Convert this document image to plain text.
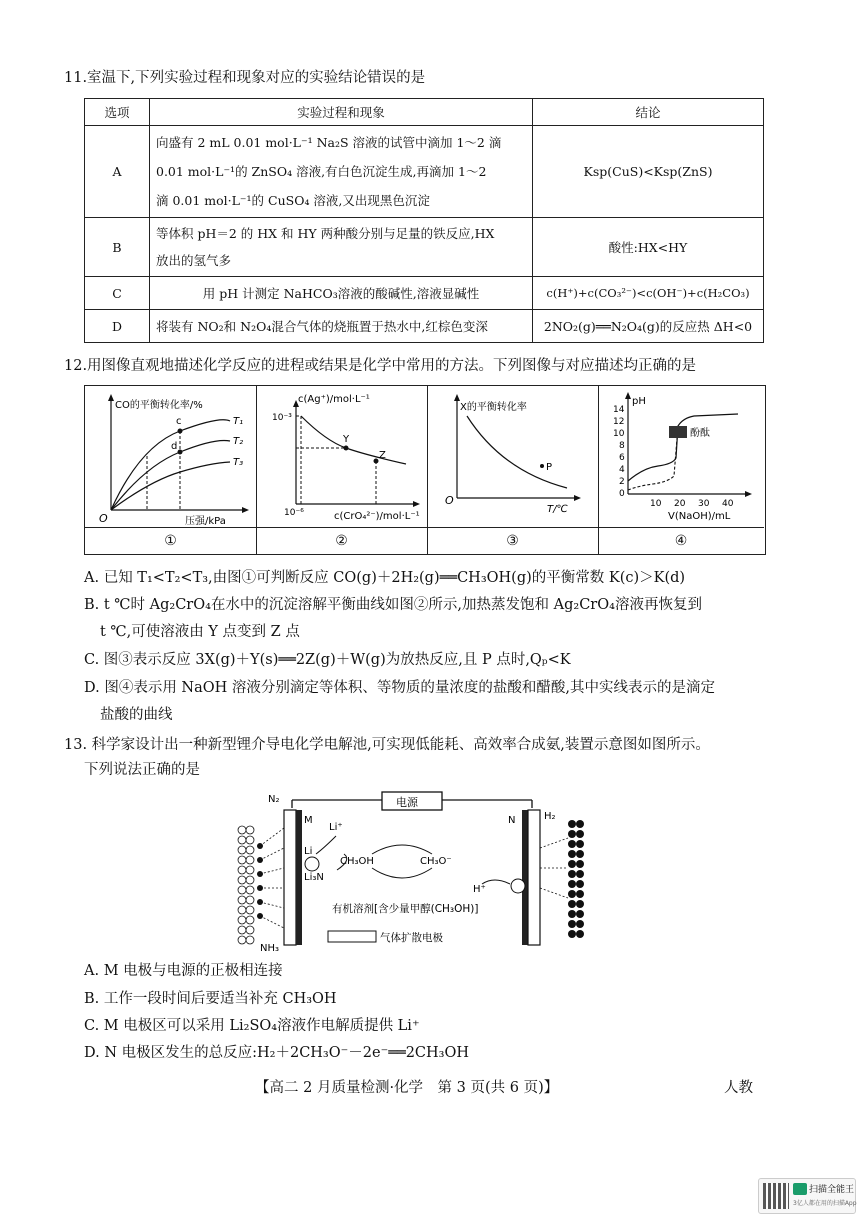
11.室温下,下列实验过程和现象对应的实验结论错误的是
选项	实验过程和现象	结论
A	向盛有 2 mL 0.01 mol·L⁻¹ Na₂S 溶液的试管中滴加 1～2 滴
0.01 mol·L⁻¹的 ZnSO₄ 溶液,有白色沉淀生成,再滴加 1～2
滴 0.01 mol·L⁻¹的 CuSO₄ 溶液,又出现黑色沉淀	Ksp(CuS)<Ksp(ZnS)
B	等体积 pH＝2 的 HX 和 HY 两种酸分别与足量的铁反应,HX
放出的氢气多	酸性:HX<HY
C	用 pH 计测定 NaHCO₃溶液的酸碱性,溶液显碱性	c(H⁺)+c(CO₃²⁻)<c(OH⁻)+c(H₂CO₃)
D	将装有 NO₂和 N₂O₄混合气体的烧瓶置于热水中,红棕色变深	2NO₂(g)══N₂O₄(g)的反应热 ΔH<0
12.用图像直观地描述化学反应的进程或结果是化学中常用的方法。下列图像与对应描述均正确的是
CO的平衡转化率/%
压强/kPa
O
c
d
T₁
T₂
T₃
c(Ag⁺)/mol·L⁻¹
10⁻³
10⁻⁶	c(CrO₄²⁻)/mol·L⁻¹
Y
Z
X的平衡转化率
T/℃
O
P
pH
14
12
10
8
6
4
2
0
10 20 30 40
V(NaOH)/mL
酚酞
①	②	③	④
A. 已知 T₁<T₂<T₃,由图①可判断反应 CO(g)＋2H₂(g)══CH₃OH(g)的平衡常数 K(c)＞K(d)
B. t ℃时 Ag₂CrO₄在水中的沉淀溶解平衡曲线如图②所示,加热蒸发饱和 Ag₂CrO₄溶液再恢复到
t ℃,可使溶液由 Y 点变到 Z 点
C. 图③表示反应 3X(g)＋Y(s)══2Z(g)＋W(g)为放热反应,且 P 点时,Qₚ<K
D. 图④表示用 NaOH 溶液分别滴定等体积、等物质的量浓度的盐酸和醋酸,其中实线表示的是滴定
盐酸的曲线
13. 科学家设计出一种新型锂介导电化学电解池,可实现低能耗、高效率合成氨,装置示意图如图所示。
下列说法正确的是
电源
M	N
N₂
H₂
NH₃
Li⁺
Li
Li₃N
CH₃OH	CH₃O⁻
H⁺
有机溶剂[含少量甲醇(CH₃OH)]
气体扩散电极
A. M 电极与电源的正极相连接
B. 工作一段时间后要适当补充 CH₃OH
C. M 电极区可以采用 Li₂SO₄溶液作电解质提供 Li⁺
D. N 电极区发生的总反应:H₂＋2CH₃O⁻－2e⁻══2CH₃OH
【高二 2 月质量检测·化学　第 3 页(共 6 页)】	人教
扫描全能王
3亿人都在用的扫描App
